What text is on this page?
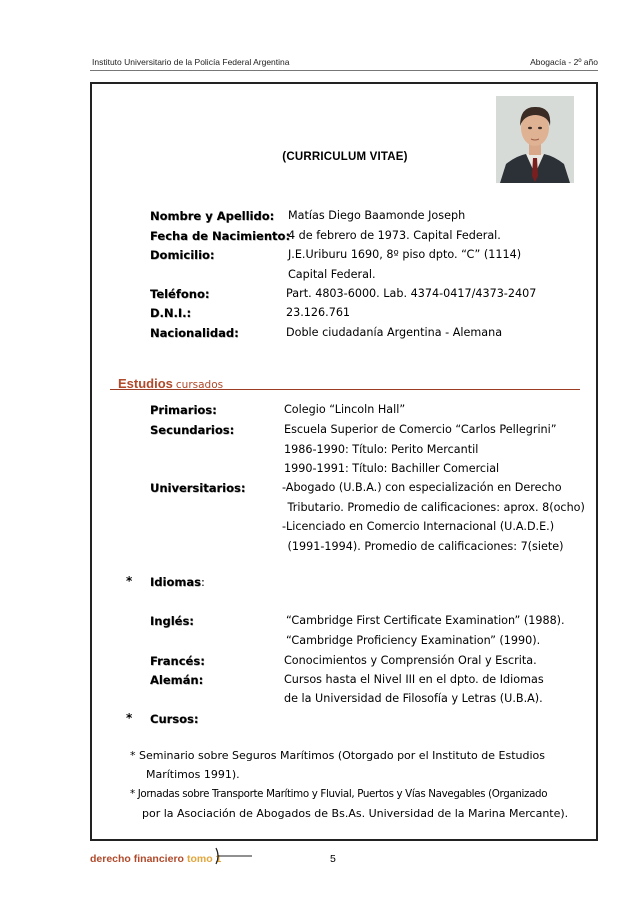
Instituto Universitario de la Policía Federal Argentina	Abogacía - 2º año
(CURRICULUM VITAE)
Nombre y Apellido: Matías Diego Baamonde Joseph
Fecha de Nacimiento:
4 de febrero de 1973. Capital Federal.
Domicilio:	J.E.Uriburu 1690, 8º piso dpto. “C” (1114)
Capital Federal.
Teléfono:	Part. 4803-6000. Lab. 4374-0417/4373-2407
D.N.I.:	23.126.761
Nacionalidad:	Doble ciudadanía Argentina - Alemana
Estudios cursados
Primarios:	Colegio “Lincoln Hall”
Secundarios:	Escuela Superior de Comercio “Carlos Pellegrini”
1986-1990: Título: Perito Mercantil
1990-1991: Título: Bachiller Comercial
Universitarios:	-Abogado (U.B.A.) con especialización en Derecho
Tributario. Promedio de calificaciones: aprox. 8(ocho)
-Licenciado en Comercio Internacional (U.A.D.E.)
(1991-1994). Promedio de calificaciones: 7(siete)
* Idiomas:
Inglés:	“Cambridge First Certificate Examination” (1988).
“Cambridge Proficiency Examination” (1990).
Francés:	Conocimientos y Comprensión Oral y Escrita.
Alemán:	Cursos hasta el Nivel III en el dpto. de Idiomas
de la Universidad de Filosofía y Letras (U.B.A).
* Cursos:
* Seminario sobre Seguros Marítimos (Otorgado por el Instituto de Estudios
Marítimos 1991).
* Jornadas sobre Transporte Marítimo y Fluvial, Puertos y Vías Navegables (Organizado
por la Asociación de Abogados de Bs.As. Universidad de la Marina Mercante).
derecho financiero tomo 1	5
